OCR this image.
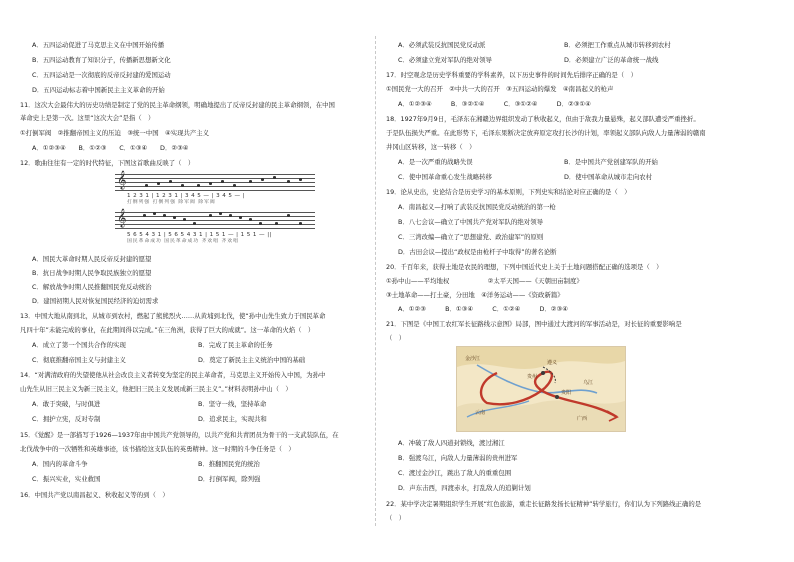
A．五四运动促进了马克思主义在中国开始传播
B．五四运动教育了知识分子，传播新思想新文化
C．五四运动是一次彻底的反帝反封建的爱国运动
D．五四运动标志着中国新民主主义革命的开始
11．这次大会最伟大的历史功绩是制定了党的民主革命纲领，明确地提出了反帝反封建的民主革命纲领，在中国
革命史上是第一次。这里“这次大会”是指（　）
①打倒军阀　②推翻帝国主义的压迫　③统一中国　④实现共产主义
A．①②③④　　B．①②③　　C．①③④　　D．②③④
12．歌曲往往有一定的时代特征，下图这首歌曲反映了（　）
𝄞
1 2 3 1 | 1 2 3 1 | 3 4 5 — | 3 4 5 — |
打倒列强 打倒列强 除军阀 除军阀
𝄞
5 6 5 4 3 1 | 5 6 5 4 3 1 | 1 5 1 — | 1 5 1 — ||
国民革命成功 国民革命成功 齐欢唱 齐欢唱
A．国民大革命时期人民反帝反封建的愿望
B．抗日战争时期人民争取民族独立的愿望
C．解放战争时期人民推翻国民党反动统治
D．建国初期人民对恢复国民经济的迫切需求
13．中国大地从南到北，从城市到农村，燃起了熊熊烈火……从黄埔到北伐，使“孙中山先生致力于国民革命
凡四十年”未能完成的事业，在此期间得以完成。”在三角洲，获得了巨大的成就”。这一革命的火焰（　）
A．成立了第一个国共合作的实现	B．完成了民主革命的任务
C．彻底推翻帝国主义与封建主义	D．奠定了新民主主义统治中国的基础
14．“对满清政府的失望使他从社会改良主义者转变为坚定的民主革命者，马克思主义开始传入中国，为孙中
山先生从旧三民主义为新三民主义，他把旧三民主义发展成新三民主义”。”材料表明孙中山（　）
A．敢于突破，与时俱进	B．坚守一线，坚持革命
C．拥护立宪，反对专制	D．追求民主，实现共和
15．《觉醒》是一部描写于1926—1937年由中国共产党领导的，以共产党和共青团员为骨干的一支武装队伍，在
北伐战争中的一次牺牲和英雄事迹，该书描绘这支队伍的英勇精神。这一时期的斗争任务是（　）
A．国内的革命斗争	B．推翻国民党的统治
C．振兴实业，实业救国	D．打倒军阀，除列强
16．中国共产党以南昌起义、秋收起义等的到（　）
A．必须武装反抗国民党反动派	B．必须把工作重点从城市转移到农村
C．必须建立党对军队的绝对领导	D．必须建立广泛的革命统一战线
17．时空观念是历史学科重要的学科素养，以下历史事件的时间先后排序正确的是（　）
①国民党一大的召开　②中共一大的召开　③五四运动的爆发　④南昌起义的枪声
A．①②③④　　　B．③②①④　　　C．③①②④　　　D．②③①④
18．1927年9月9日，毛泽东在湘赣边界组织发动了秋收起义，但由于敌我力量悬殊，起义部队遭受严重挫折。
于是队伍损失严重。在此形势下，毛泽东果断决定放弃原定攻打长沙的计划，率领起义部队向敌人力量薄弱的赣南
井冈山区转移，这一转移（　）
A．是一次严重的战略失误	B．是中国共产党创建军队的开始
C．使中国革命重心发生战略转移	D．使中国革命从城市走向农村
19．论从史出，史论结合是历史学习的基本原则，下列史实和结论对应正确的是（　）
A．南昌起义—打响了武装反抗国民党反动统治的第一枪
B．八七会议—确立了中国共产党对军队的绝对领导
C．三湾改编—确立了“思想建党、政治建军”的原则
D．古田会议—提出“政权是由枪杆子中取得”的著名论断
20．千百年来，获得土地是农民的理想，下列中国近代史上关于土地问题搭配正确的选项是（　）
①孙中山——平均地权　　　　　　②太平天国——《天朝田亩制度》
③土地革命——打土豪，分田地　④洋务运动——《资政新篇》
A．①②③　　　B．①③④　　　C．①②④　　　D．②③④
21．下图是《中国工农红军长征路线示意图》局部，图中通过大渡河的军事活动是，对长征的重要影响是
（　）
贵州
云南
广西
遵义
贵阳
乌江
金沙江
A．冲破了敌人四道封锁线，渡过湘江
B．强渡乌江，向敌人力量薄弱的贵州进军
C．渡过金沙江，跳出了敌人的重重包围
D．声东击西，四渡赤水，打乱敌人的追剿计划
22．某中学决定暑期组织学生开展“红色旅游，重走长征路发扬长征精神”转学旅行，你们认为下列路线正确的是
（　）
